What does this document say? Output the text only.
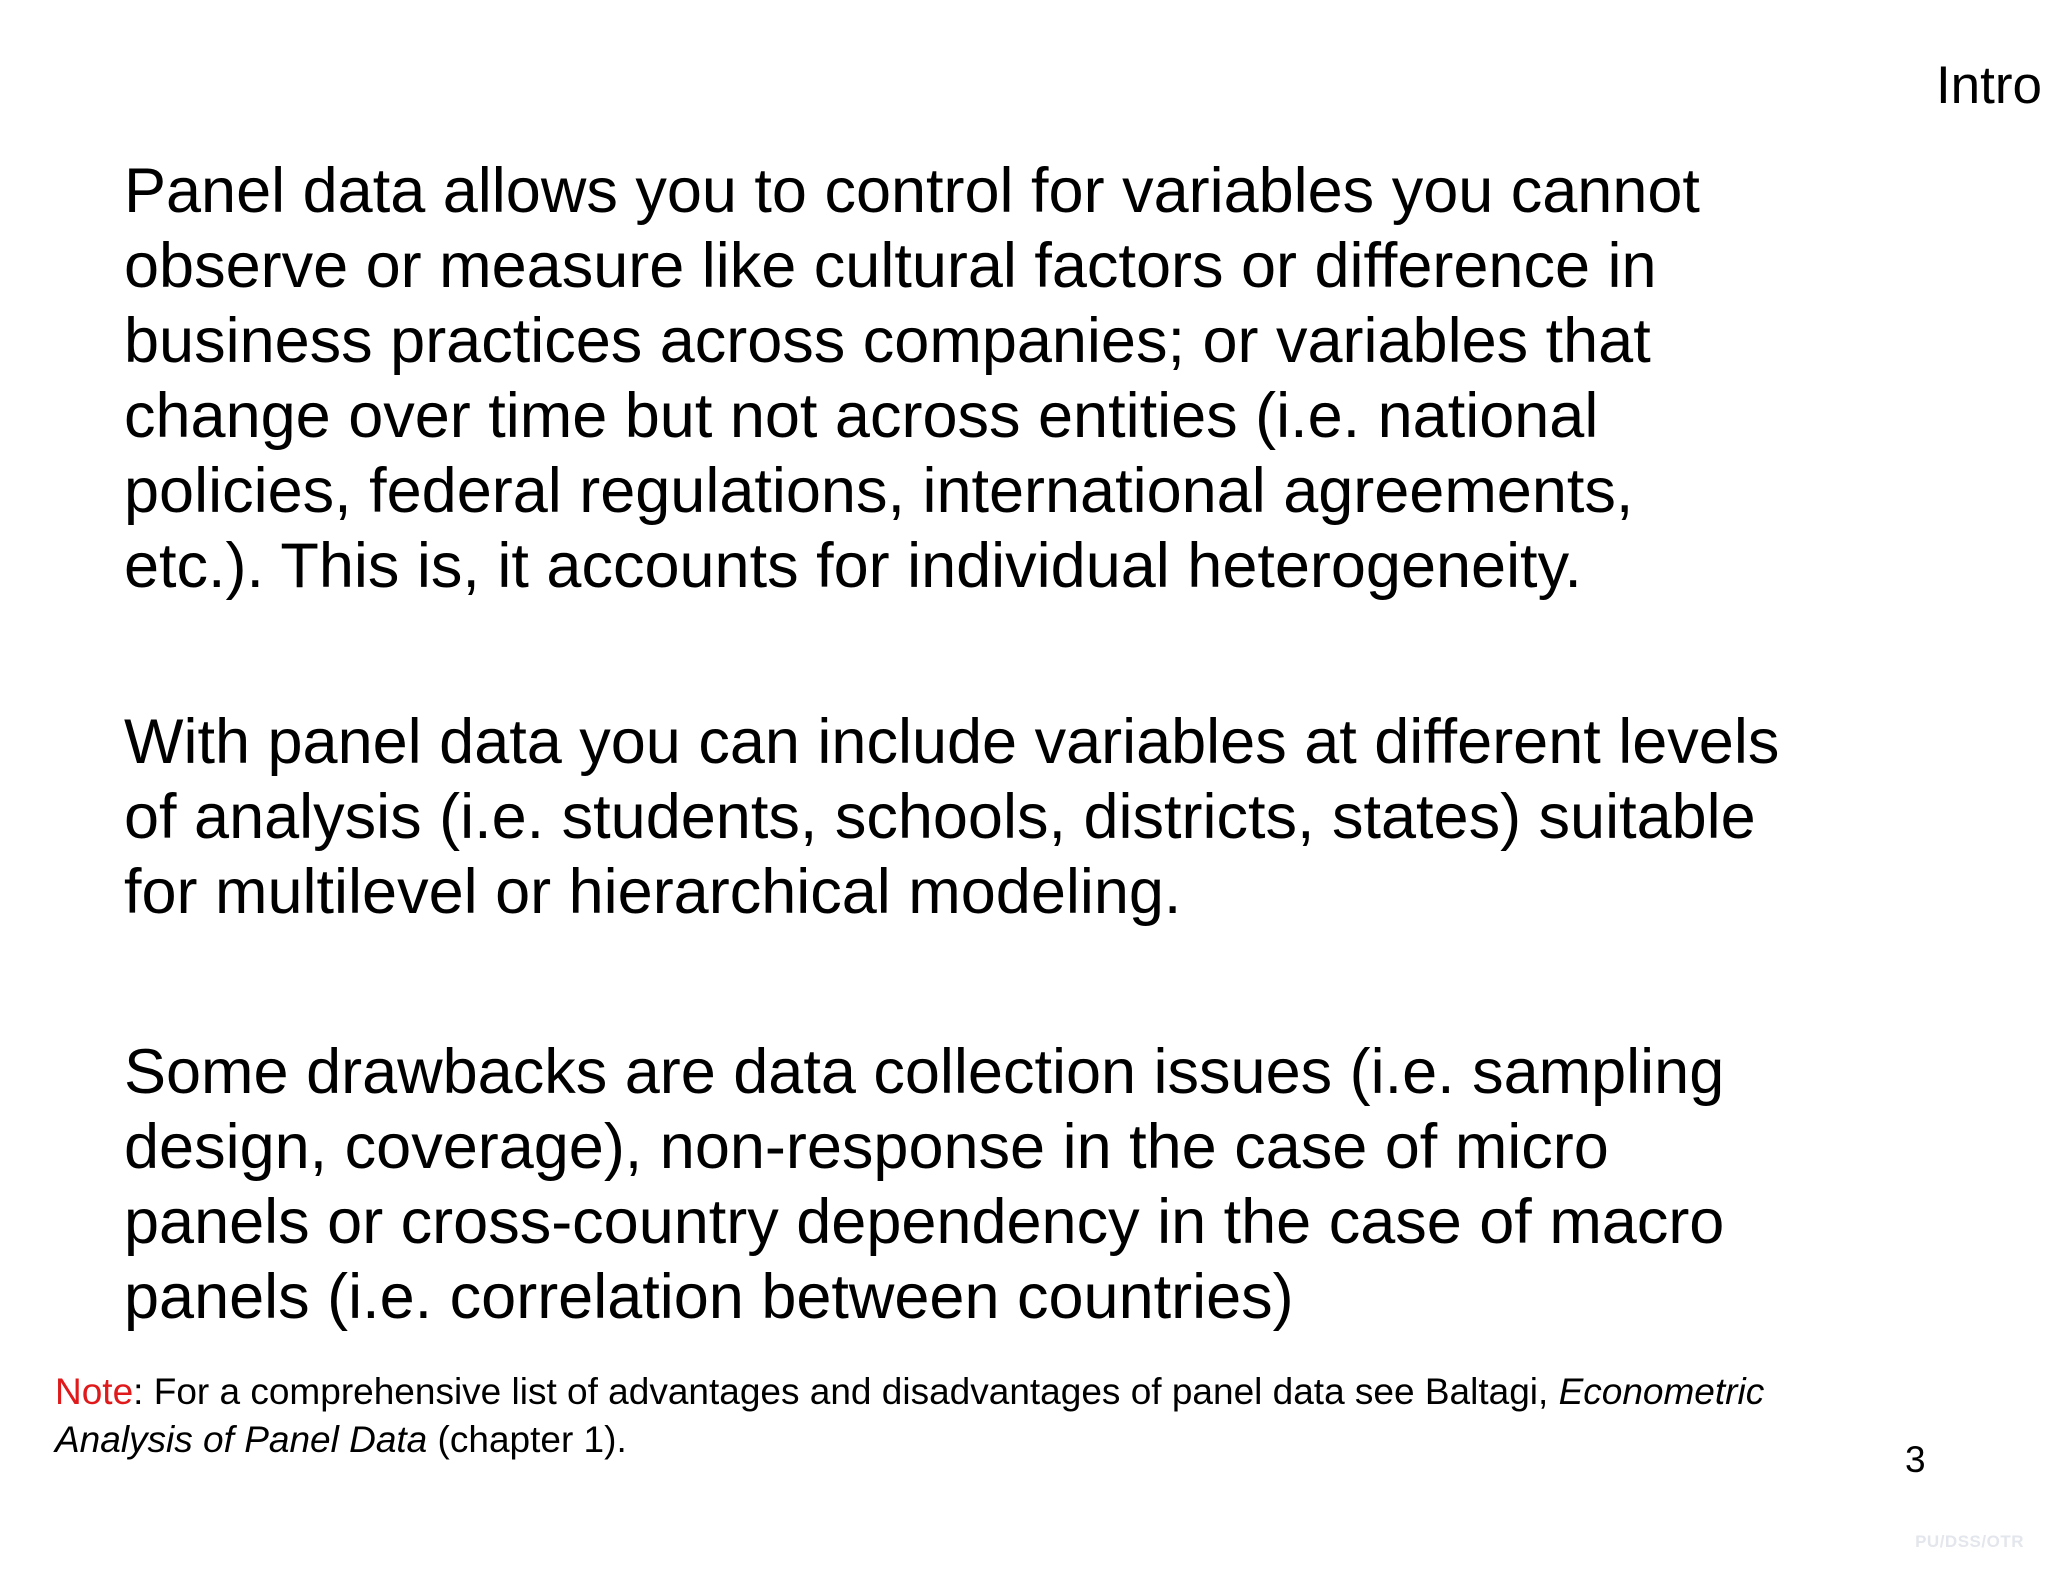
Intro

Panel data allows you to control for variables you cannot
observe or measure like cultural factors or difference in
business practices across companies; or variables that
change over time but not across entities (i.e. national
policies, federal regulations, international agreements,
etc.). This is, it accounts for individual heterogeneity.

With panel data you can include variables at different levels
of analysis (i.e. students, schools, districts, states) suitable
for multilevel or hierarchical modeling.

Some drawbacks are data collection issues (i.e. sampling
design, coverage), non-response in the case of micro
panels or cross-country dependency in the case of macro
panels (i.e. correlation between countries)

Note: For a comprehensive list of advantages and disadvantages of panel data see Baltagi, Econometric
Analysis of Panel Data (chapter 1).	3
PU/DSS/OTR
